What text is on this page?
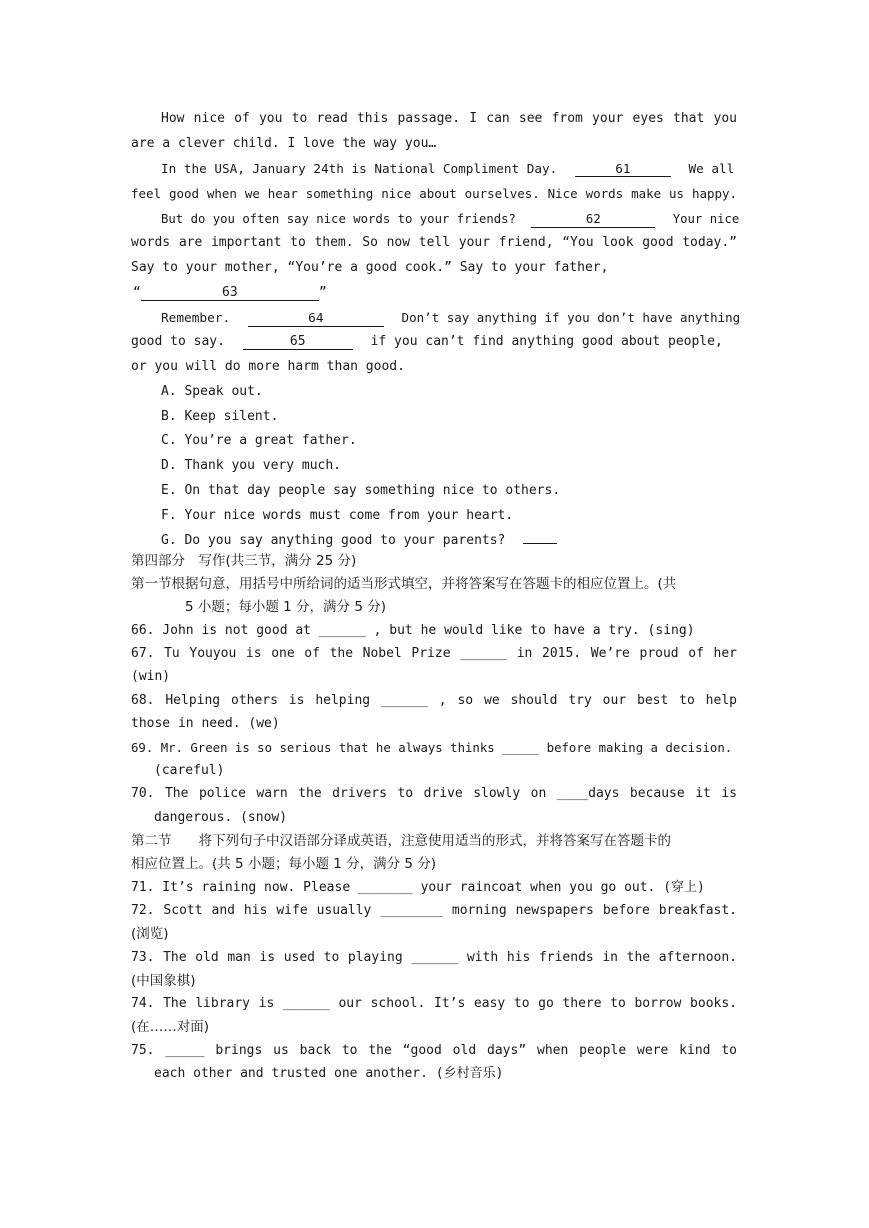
How nice of you to read this passage. I can see from your eyes that you
are a clever child. I love the way you…
In the USA, January 24th is National Compliment Day.	61	We all
feel good when we hear something nice about ourselves. Nice words make us happy.
But do you often say nice words to your friends?	62	Your nice
words are important to them. So now tell your friend, “You look good today.”
Say to your mother, “You’re a good cook.” Say to your father,
“	63	”
Remember.	64	Don’t say anything if you don’t have anything
good to say.	65	if you can’t find anything good about people,
or you will do more harm than good.
A. Speak out.
B. Keep silent.
C. You’re a great father.
D. Thank you very much.
E. On that day people say something nice to others.
F. Your nice words must come from your heart.
G. Do you say anything good to your parents?
第四部分　写作(共三节，满分 25 分)
第一节根据句意，用括号中所给词的适当形式填空，并将答案写在答题卡的相应位置上。(共
5 小题；每小题 1 分，满分 5 分)
66. John is not good at ______ , but he would like to have a try. (sing)
67. Tu Youyou is one of the Nobel Prize ______ in 2015. We’re proud of her
(win)
68. Helping others is helping ______ , so we should try our best to help
those in need. (we)
69. Mr. Green is so serious that he always thinks _____ before making a decision.
(careful)
70. The police warn the drivers to drive slowly on ____days because it is
dangerous. (snow)
第二节　　将下列句子中汉语部分译成英语，注意使用适当的形式，并将答案写在答题卡的
相应位置上。(共 5 小题；每小题 1 分，满分 5 分)
71. It’s raining now. Please _______ your raincoat when you go out. (穿上)
72. Scott and his wife usually ________ morning newspapers before breakfast.
(浏览)
73. The old man is used to playing ______ with his friends in the afternoon.
(中国象棋)
74. The library is ______ our school. It’s easy to go there to borrow books.
(在……对面)
75. _____ brings us back to the “good old days” when people were kind to
each other and trusted one another. (乡村音乐)
